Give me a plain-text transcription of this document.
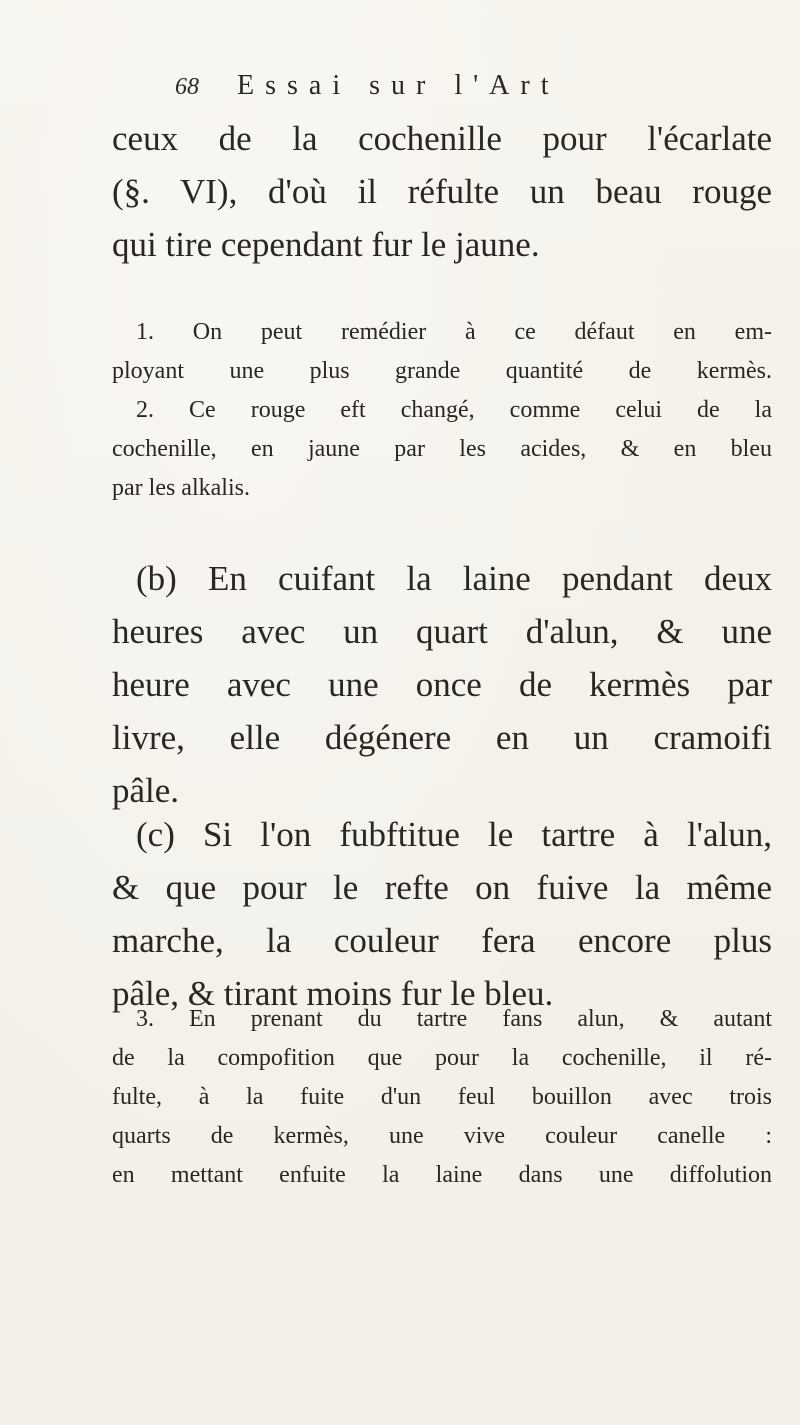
68 Essai sur l'Art
ceux de la cochenille pour l'écarlate
(§. VI), d'où il réfulte un beau rouge
qui tire cependant fur le jaune.
1. On peut remédier à ce défaut en em-
ployant une plus grande quantité de kermès.
2. Ce rouge eft changé, comme celui de la
cochenille, en jaune par les acides, & en bleu
par les alkalis.
(b) En cuifant la laine pendant deux
heures avec un quart d'alun, & une
heure avec une once de kermès par
livre, elle dégénere en un cramoifi
pâle.
(c) Si l'on fubftitue le tartre à l'alun,
& que pour le refte on fuive la même
marche, la couleur fera encore plus
pâle, & tirant moins fur le bleu.
3. En prenant du tartre fans alun, & autant
de la compofition que pour la cochenille, il ré-
fulte, à la fuite d'un feul bouillon avec trois
quarts de kermès, une vive couleur canelle :
en mettant enfuite la laine dans une diffolution
